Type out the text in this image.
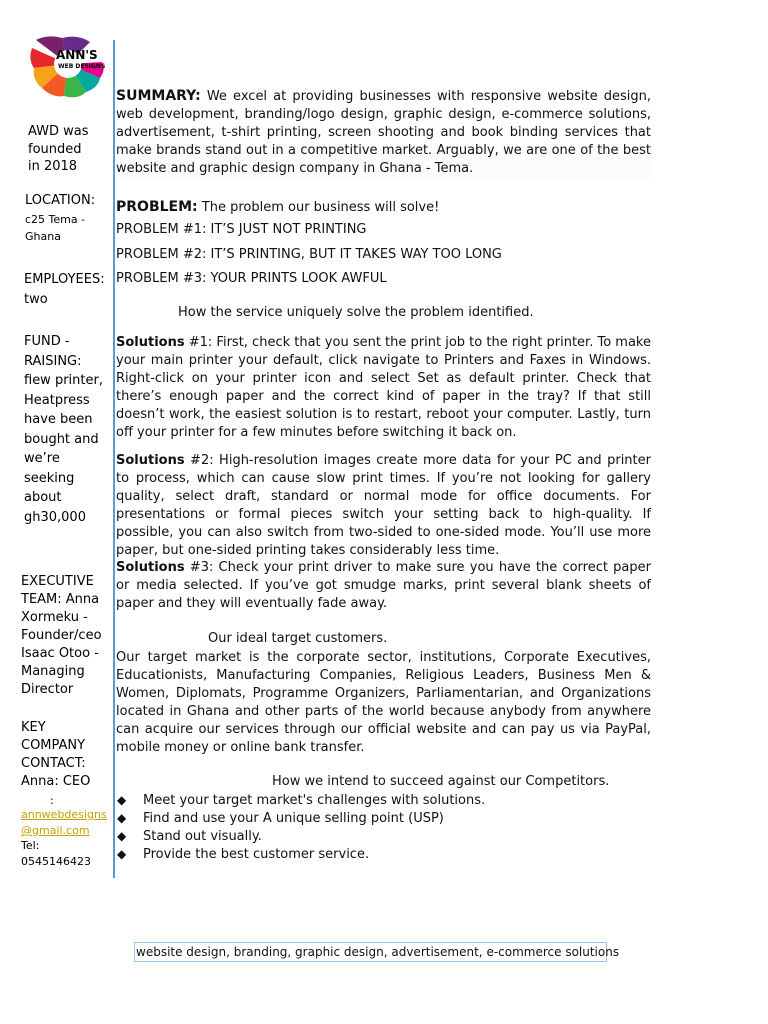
ANN'S
WEB DESIGNS
AWD was
founded
in 2018
LOCATION:
c25 Tema -
Ghana
EMPLOYEES:
two
FUND -
RAISING:
fiew printer,
Heatpress
have been
bought and
we’re
seeking
about
gh30,000
EXECUTIVE
TEAM: Anna
Xormeku -
Founder/ceo
Isaac Otoo -
Managing
Director
KEY
COMPANY
CONTACT:
Anna: CEO
:
annwebdesigns
@gmail.com
Tel:
0545146423
SUMMARY: We excel at providing businesses with responsive website design, web development, branding/logo design, graphic design, e-commerce solutions, advertisement, t-shirt printing, screen shooting and book binding services that make brands stand out in a competitive market. Arguably, we are one of the best website and graphic design company in Ghana - Tema.
PROBLEM: The problem our business will solve!
PROBLEM #1: IT’S JUST NOT PRINTING
PROBLEM #2: IT’S PRINTING, BUT IT TAKES WAY TOO LONG
PROBLEM #3: YOUR PRINTS LOOK AWFUL
How the service uniquely solve the problem identified.
Solutions #1: First, check that you sent the print job to the right printer. To make your main printer your default, click navigate to Printers and Faxes in Windows. Right-click on your printer icon and select Set as default printer. Check that there’s enough paper and the correct kind of paper in the tray? If that still doesn’t work, the easiest solution is to restart, reboot your computer. Lastly, turn off your printer for a few minutes before switching it back on.
Solutions #2: High-resolution images create more data for your PC and printer to process, which can cause slow print times. If you’re not looking for gallery quality, select draft, standard or normal mode for office documents. For presentations or formal pieces switch your setting back to high-quality. If possible, you can also switch from two-sided to one-sided mode. You’ll use more paper, but one-sided printing takes considerably less time.
Solutions #3: Check your print driver to make sure you have the correct paper or media selected. If you’ve got smudge marks, print several blank sheets of paper and they will eventually fade away.
Our ideal target customers.
Our target market is the corporate sector, institutions, Corporate Executives, Educationists, Manufacturing Companies, Religious Leaders, Business Men & Women, Diplomats, Programme Organizers, Parliamentarian, and Organizations located in Ghana and other parts of the world because anybody from anywhere can acquire our services through our official website and can pay us via PayPal, mobile money or online bank transfer.
How we intend to succeed against our Competitors.
◆ Meet your target market's challenges with solutions.
◆ Find and use your A unique selling point (USP)
◆ Stand out visually.
◆ Provide the best customer service.
website design, branding, graphic design, advertisement, e-commerce solutions
